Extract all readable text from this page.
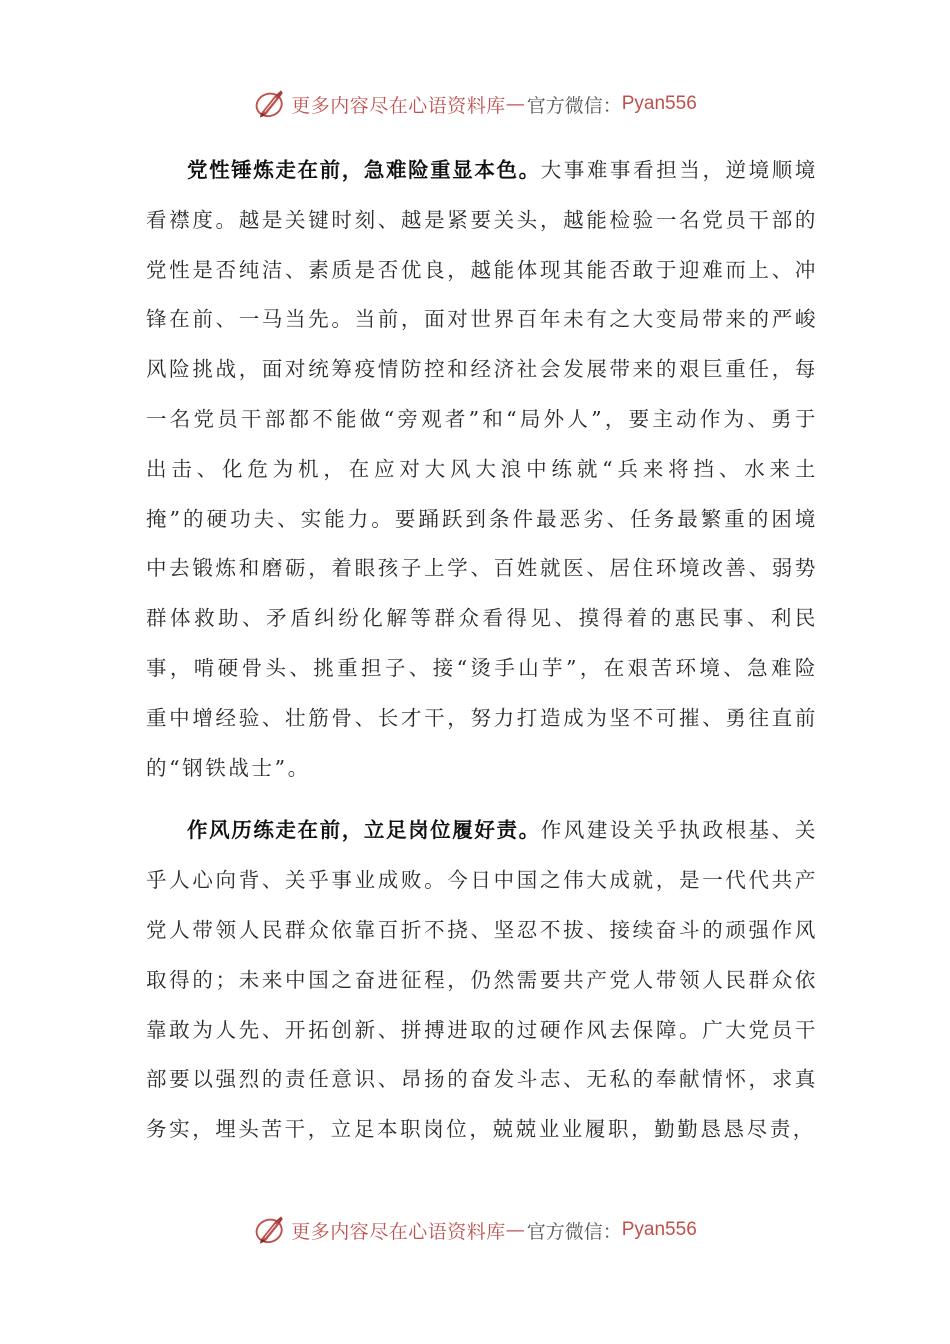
更多内容尽在心语资料库 — 官方微信： Pyan556

党性锤炼走在前，急难险重显本色。大事难事看担当，逆境顺境看襟度。越是关键时刻、越是紧要关头，越能检验一名党员干部的党性是否纯洁、素质是否优良，越能体现其能否敢于迎难而上、冲锋在前、一马当先。当前，面对世界百年未有之大变局带来的严峻风险挑战，面对统筹疫情防控和经济社会发展带来的艰巨重任，每一名党员干部都不能做“旁观者”和“局外人”，要主动作为、勇于出击、化危为机，在应对大风大浪中练就“兵来将挡、水来土掩”的硬功夫、实能力。要踊跃到条件最恶劣、任务最繁重的困境中去锻炼和磨砺，着眼孩子上学、百姓就医、居住环境改善、弱势群体救助、矛盾纠纷化解等群众看得见、摸得着的惠民事、利民事，啃硬骨头、挑重担子、接“烫手山芋”，在艰苦环境、急难险重中增经验、壮筋骨、长才干，努力打造成为坚不可摧、勇往直前的“钢铁战士”。

作风历练走在前，立足岗位履好责。作风建设关乎执政根基、关乎人心向背、关乎事业成败。今日中国之伟大成就，是一代代共产党人带领人民群众依靠百折不挠、坚忍不拔、接续奋斗的顽强作风取得的；未来中国之奋进征程，仍然需要共产党人带领人民群众依靠敢为人先、开拓创新、拼搏进取的过硬作风去保障。广大党员干部要以强烈的责任意识、昂扬的奋发斗志、无私的奉献情怀，求真务实，埋头苦干，立足本职岗位，兢兢业业履职，勤勤恳恳尽责，

更多内容尽在心语资料库 — 官方微信： Pyan556
